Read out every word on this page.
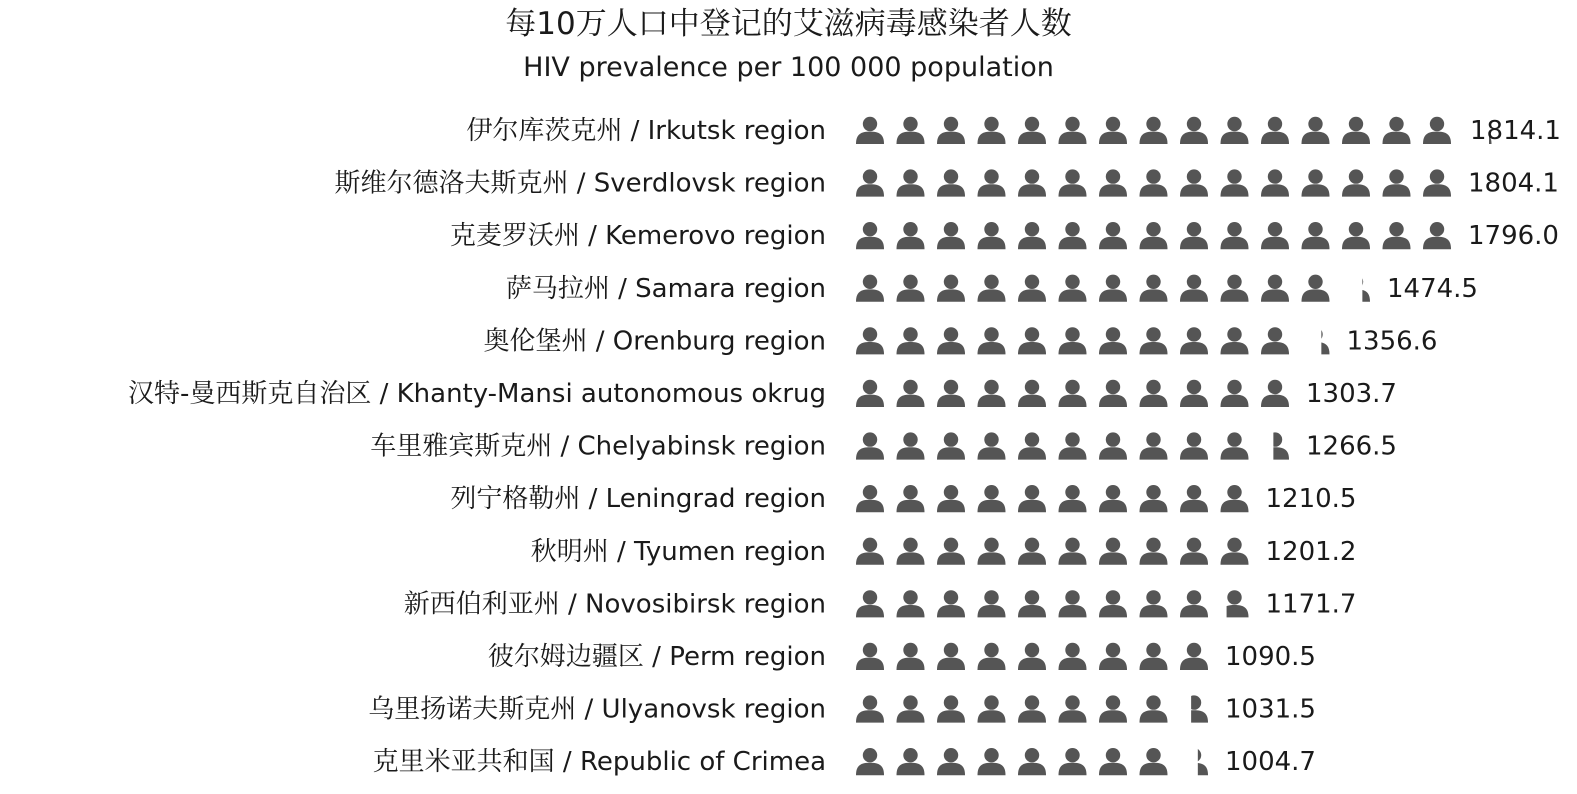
每10万人口中登记的艾滋病毒感染者人数
HIV prevalence per 100 000 population
伊尔库茨克州 / Irkutsk region	1814.1
斯维尔德洛夫斯克州 / Sverdlovsk region	1804.1
克麦罗沃州 / Kemerovo region	1796.0
萨马拉州 / Samara region	1474.5
奥伦堡州 / Orenburg region	1356.6
汉特-曼西斯克自治区 / Khanty-Mansi autonomous okrug	1303.7
车里雅宾斯克州 / Chelyabinsk region	1266.5
列宁格勒州 / Leningrad region	1210.5
秋明州 / Tyumen region	1201.2
新西伯利亚州 / Novosibirsk region	1171.7
彼尔姆边疆区 / Perm region	1090.5
乌里扬诺夫斯克州 / Ulyanovsk region	1031.5
克里米亚共和国 / Republic of Crimea	1004.7
